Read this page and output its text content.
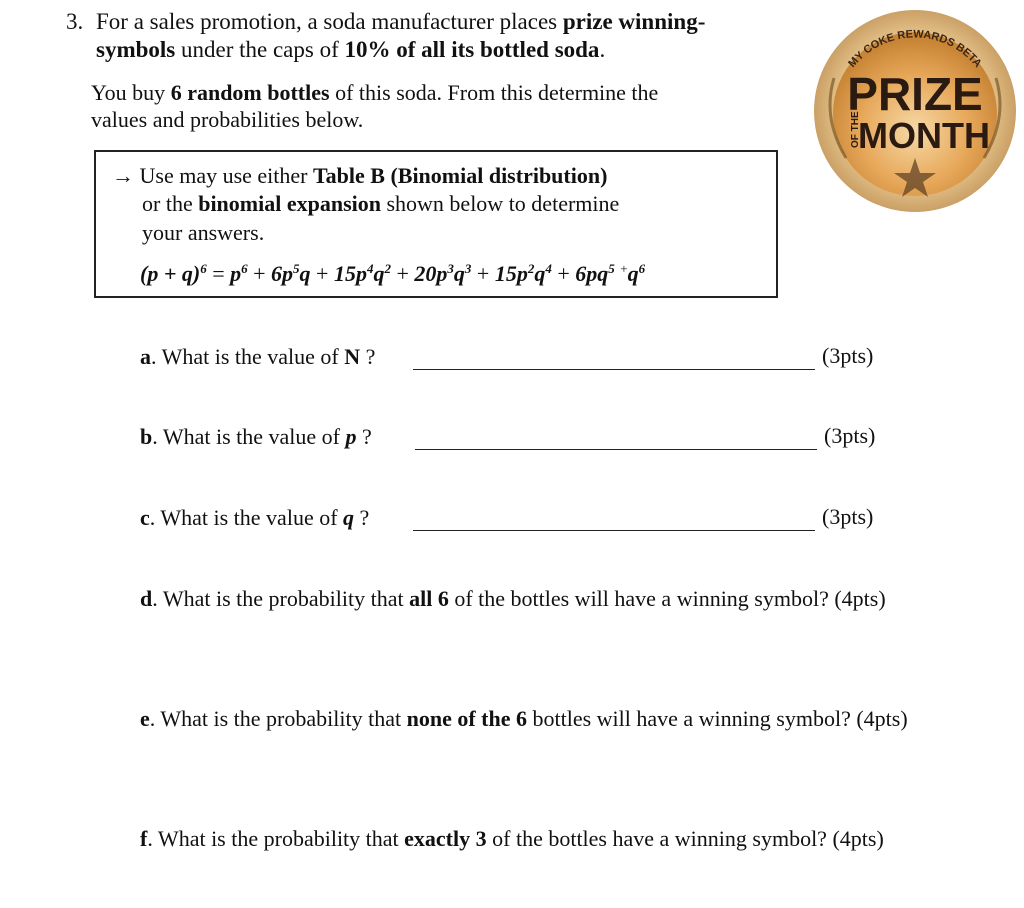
3. For a sales promotion, a soda manufacturer places prize winning-
symbols under the caps of 10% of all its bottled soda.
You buy 6 random bottles of this soda. From this determine the
values and probabilities below.
→ Use may use either Table B (Binomial distribution)
or the binomial expansion shown below to determine
your answers.
$(p + q)^6 = p^6 + 6p^5q + 15p^4q^2 + 20p^3q^3 + 15p^2q^4 + 6pq^5$ $^+q^6$
a. What is the value of N ?	(3pts)
b. What is the value of p ?	(3pts)
c. What is the value of q ?	(3pts)
d. What is the probability that all 6 of the bottles will have a winning symbol? (4pts)
e. What is the probability that none of the 6 bottles will have a winning symbol? (4pts)
f. What is the probability that exactly 3 of the bottles have a winning symbol? (4pts)
MY COKE REWARDS BETA
PRIZE
MONTH
OF THE
